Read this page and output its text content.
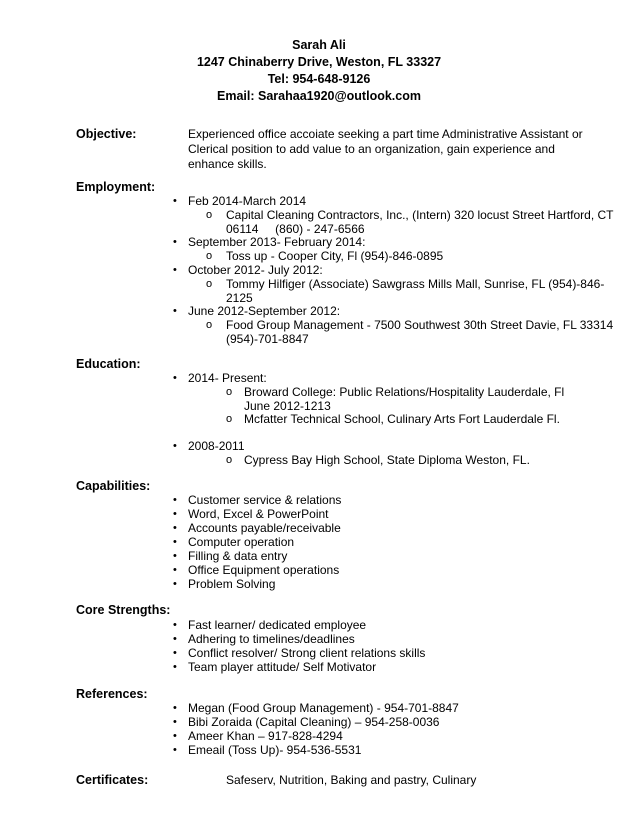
Sarah Ali
1247 Chinaberry Drive, Weston, FL 33327
Tel: 954-648-9126
Email: Sarahaa1920@outlook.com
Objective:	Experienced office accoiate seeking a part time Administrative Assistant or Clerical position to add value to an organization, gain experience and enhance skills.
Employment:
• Feb 2014-March 2014
o Capital Cleaning Contractors, Inc., (Intern) 320 locust Street Hartford, CT
06114     (860) - 247-6566
• September 2013- February 2014:
o Toss up - Cooper City, Fl (954)-846-0895
• October 2012- July 2012:
o Tommy Hilfiger (Associate) Sawgrass Mills Mall, Sunrise, FL (954)-846-
2125
• June 2012-September 2012:
o Food Group Management - 7500 Southwest 30th Street Davie, FL 33314
(954)-701-8847
Education:
• 2014- Present:
o Broward College: Public Relations/Hospitality Lauderdale, Fl
June 2012-1213
o Mcfatter Technical School, Culinary Arts Fort Lauderdale Fl.
• 2008-2011
o Cypress Bay High School, State Diploma Weston, FL.
Capabilities:
• Customer service & relations
• Word, Excel & PowerPoint
• Accounts payable/receivable
• Computer operation
• Filling & data entry
• Office Equipment operations
• Problem Solving
Core Strengths:
• Fast learner/ dedicated employee
• Adhering to timelines/deadlines
• Conflict resolver/ Strong client relations skills
• Team player attitude/ Self Motivator
References:
• Megan (Food Group Management) - 954-701-8847
• Bibi Zoraida (Capital Cleaning) – 954-258-0036
• Ameer Khan – 917-828-4294
• Emeail (Toss Up)- 954-536-5531
Certificates:	Safeserv, Nutrition, Baking and pastry, Culinary
